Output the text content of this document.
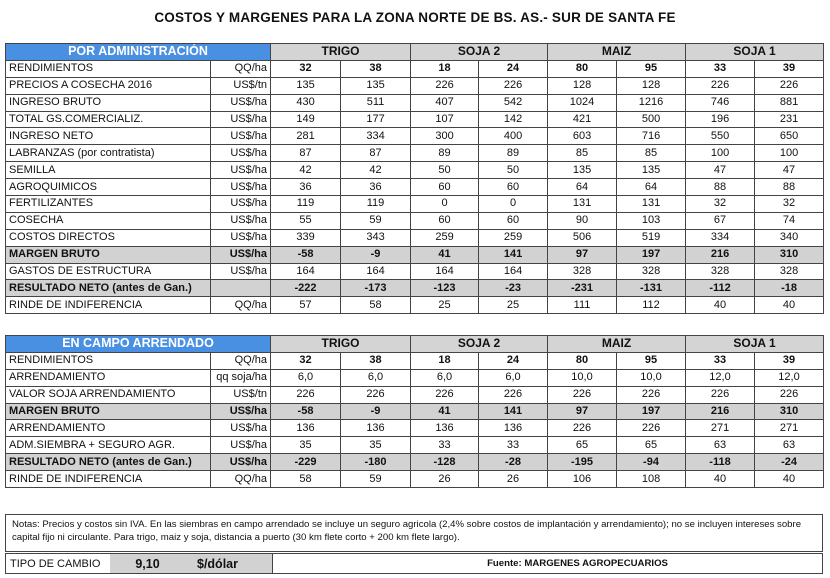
COSTOS Y MARGENES PARA LA ZONA NORTE DE BS. AS.- SUR DE SANTA FE
POR ADMINISTRACIÓN		TRIGO		SOJA 2		MAIZ		SOJA 1	
RENDIMIENTOS	QQ/ha	32	38	18	24	80	95	33	39
PRECIOS A COSECHA 2016	US$/tn	135	135	226	226	128	128	226	226
INGRESO BRUTO	US$/ha	430	511	407	542	1024	1216	746	881
TOTAL GS.COMERCIALIZ.	US$/ha	149	177	107	142	421	500	196	231
INGRESO NETO	US$/ha	281	334	300	400	603	716	550	650
LABRANZAS (por contratista)	US$/ha	87	87	89	89	85	85	100	100
SEMILLA	US$/ha	42	42	50	50	135	135	47	47
AGROQUIMICOS	US$/ha	36	36	60	60	64	64	88	88
FERTILIZANTES	US$/ha	119	119	0	0	131	131	32	32
COSECHA	US$/ha	55	59	60	60	90	103	67	74
COSTOS DIRECTOS	US$/ha	339	343	259	259	506	519	334	340
MARGEN BRUTO	US$/ha	-58	-9	41	141	97	197	216	310
GASTOS DE ESTRUCTURA	US$/ha	164	164	164	164	328	328	328	328
RESULTADO NETO (antes de Gan.)		-222	-173	-123	-23	-231	-131	-112	-18
RINDE DE INDIFERENCIA	QQ/ha	57	58	25	25	111	112	40	40
EN CAMPO ARRENDADO		TRIGO		SOJA 2		MAIZ		SOJA 1	
RENDIMIENTOS	QQ/ha	32	38	18	24	80	95	33	39
ARRENDAMIENTO	qq soja/ha	6,0	6,0	6,0	6,0	10,0	10,0	12,0	12,0
VALOR SOJA ARRENDAMIENTO	US$/tn	226	226	226	226	226	226	226	226
MARGEN BRUTO	US$/ha	-58	-9	41	141	97	197	216	310
ARRENDAMIENTO	US$/ha	136	136	136	136	226	226	271	271
ADM.SIEMBRA + SEGURO AGR.	US$/ha	35	35	33	33	65	65	63	63
RESULTADO NETO (antes de Gan.)	US$/ha	-229	-180	-128	-28	-195	-94	-118	-24
RINDE DE INDIFERENCIA	QQ/ha	58	59	26	26	106	108	40	40
Notas: Precios y costos sin IVA. En las siembras en campo arrendado se incluye un seguro agricola (2,4% sobre costos de implantación y arrendamiento); no se incluyen intereses sobre capital fijo ni circulante. Para trigo, maiz y soja, distancia a puerto (30 km flete corto + 200 km flete largo).
TIPO DE CAMBIO	9,10	$/dólar	Fuente: MARGENES AGROPECUARIOS
